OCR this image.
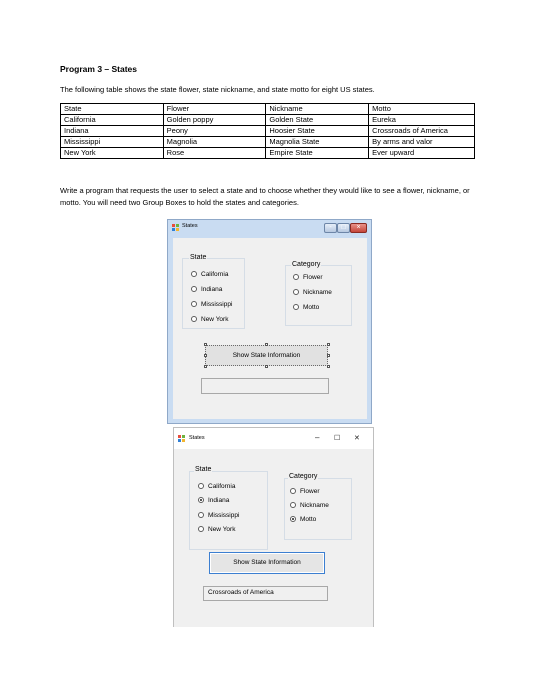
Program 3 – States
The following table shows the state flower, state nickname, and state motto for eight US states.
State	Flower	Nickname	Motto
California	Golden poppy	Golden State	Eureka
Indiana	Peony	Hoosier State	Crossroads of America
Mississippi	Magnolia	Magnolia State	By arms and valor
New York	Rose	Empire State	Ever upward
Write a program that requests the user to select a state and to choose whether they would like to see a flower, nickname, or motto. You will need two Group Boxes to hold the states and categories.
States	-	□	×
State
California
Indiana
Mississippi
New York
Category
Flower
Nickname
Motto
Show State Information
States	– ☐ ✕
State
California
Indiana
Mississippi
New York
Category
Flower
Nickname
Motto
Show State Information
Crossroads of America
